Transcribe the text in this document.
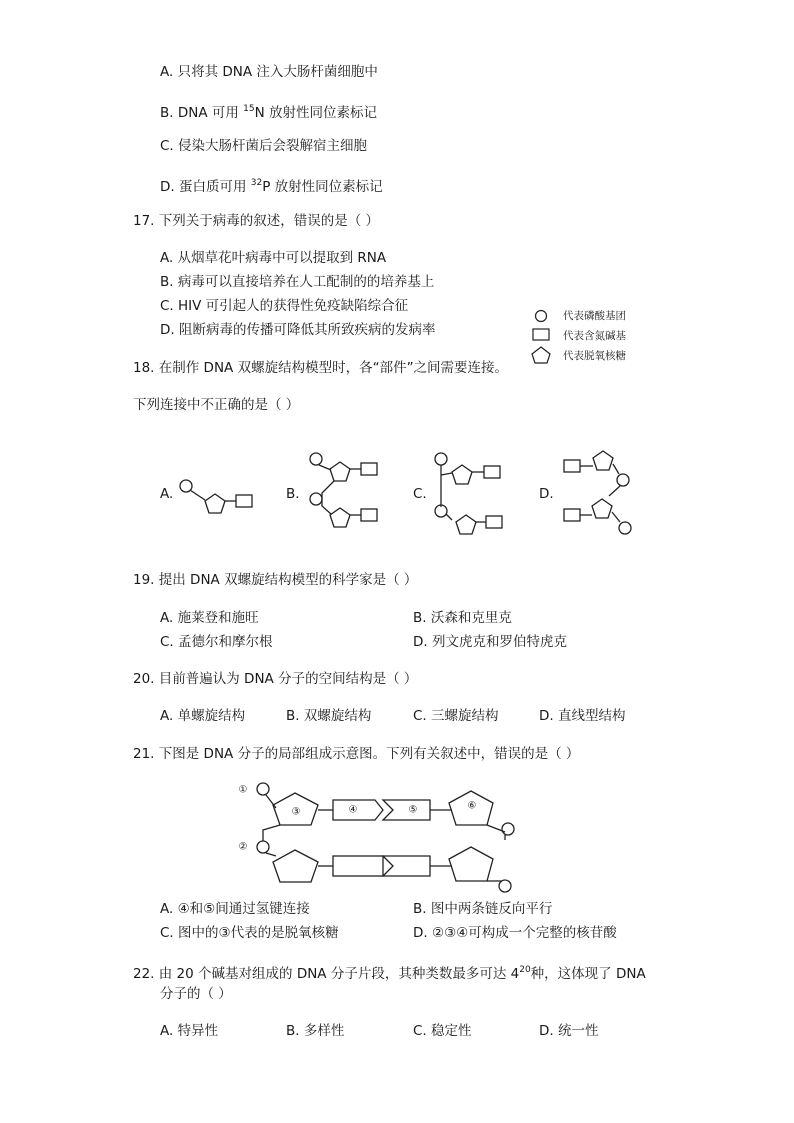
A. 只将其 DNA 注入大肠杆菌细胞中
B. DNA 可用 $^{15}$N 放射性同位素标记
C. 侵染大肠杆菌后会裂解宿主细胞
D. 蛋白质可用 $^{32}$P 放射性同位素标记
17. 下列关于病毒的叙述，错误的是（ ）
A. 从烟草花叶病毒中可以提取到 RNA
B. 病毒可以直接培养在人工配制的的培养基上
C. HIV 可引起人的获得性免疫缺陷综合征
D. 阻断病毒的传播可降低其所致疾病的发病率
代表磷酸基团
代表含氮碱基
代表脱氧核糖
18. 在制作 DNA 双螺旋结构模型时，各“部件”之间需要连接。
下列连接中不正确的是（ ）
A.	B.	C.	D.
19. 提出 DNA 双螺旋结构模型的科学家是（ ）
A. 施莱登和施旺	B. 沃森和克里克
C. 孟德尔和摩尔根	D. 列文虎克和罗伯特虎克
20. 目前普遍认为 DNA 分子的空间结构是（ ）
A. 单螺旋结构	B. 双螺旋结构	C. 三螺旋结构	D. 直线型结构
21. 下图是 DNA 分子的局部组成示意图。下列有关叙述中，错误的是（ ）
①
②
③	④	⑤	⑥
A. ④和⑤间通过氢键连接	B. 图中两条链反向平行
C. 图中的③代表的是脱氧核糖	D. ②③④可构成一个完整的核苷酸
22. 由 20 个碱基对组成的 DNA 分子片段，其种类数最多可达 $4^{20}$种，这体现了 DNA
分子的（ ）
A. 特异性	B. 多样性	C. 稳定性	D. 统一性
